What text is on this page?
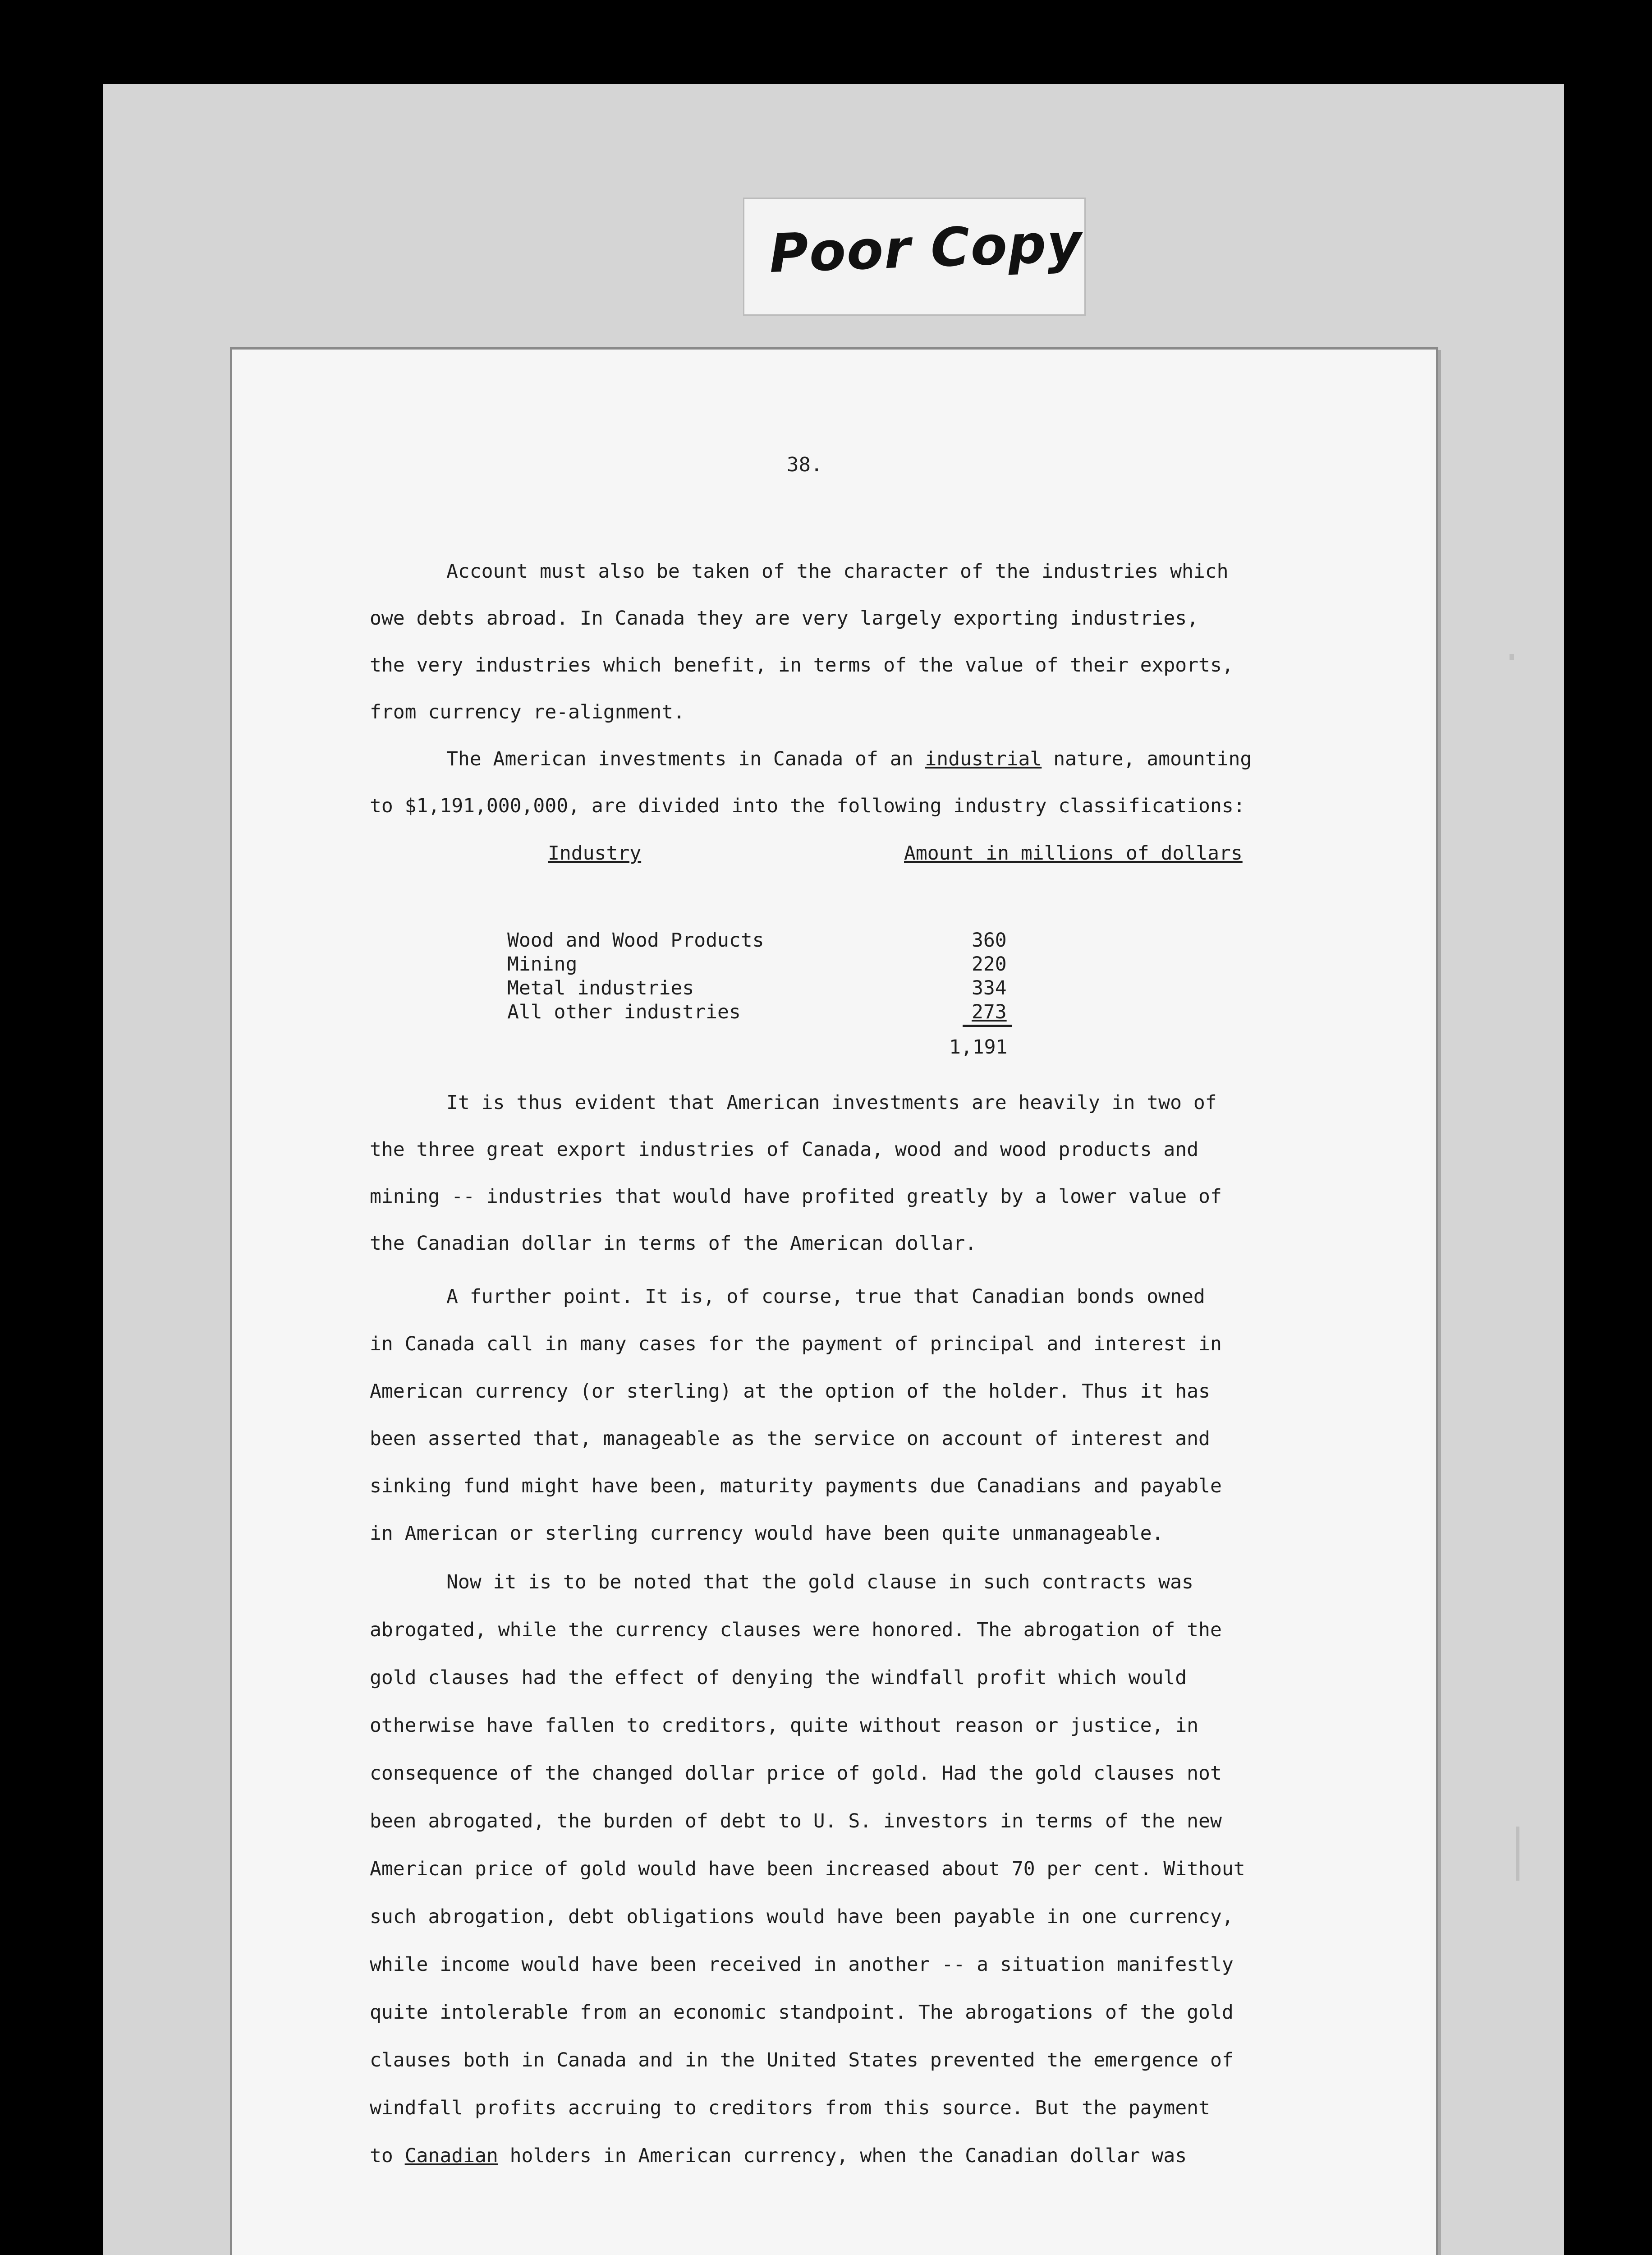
Poor Copy
38.
Account must also be taken of the character of the industries which
owe debts abroad. In Canada they are very largely exporting industries,
the very industries which benefit, in terms of the value of their exports,
from currency re-alignment.
The American investments in Canada of an industrial nature, amounting
to $1,191,000,000, are divided into the following industry classifications:
Industry	Amount in millions of dollars
Wood and Wood Products	360
Mining	220
Metal industries	334
All other industries	273
1,191
It is thus evident that American investments are heavily in two of
the three great export industries of Canada, wood and wood products and
mining -- industries that would have profited greatly by a lower value of
the Canadian dollar in terms of the American dollar.
A further point. It is, of course, true that Canadian bonds owned
in Canada call in many cases for the payment of principal and interest in
American currency (or sterling) at the option of the holder. Thus it has
been asserted that, manageable as the service on account of interest and
sinking fund might have been, maturity payments due Canadians and payable
in American or sterling currency would have been quite unmanageable.
Now it is to be noted that the gold clause in such contracts was
abrogated, while the currency clauses were honored. The abrogation of the
gold clauses had the effect of denying the windfall profit which would
otherwise have fallen to creditors, quite without reason or justice, in
consequence of the changed dollar price of gold. Had the gold clauses not
been abrogated, the burden of debt to U. S. investors in terms of the new
American price of gold would have been increased about 70 per cent. Without
such abrogation, debt obligations would have been payable in one currency,
while income would have been received in another -- a situation manifestly
quite intolerable from an economic standpoint. The abrogations of the gold
clauses both in Canada and in the United States prevented the emergence of
windfall profits accruing to creditors from this source. But the payment
to Canadian holders in American currency, when the Canadian dollar was
